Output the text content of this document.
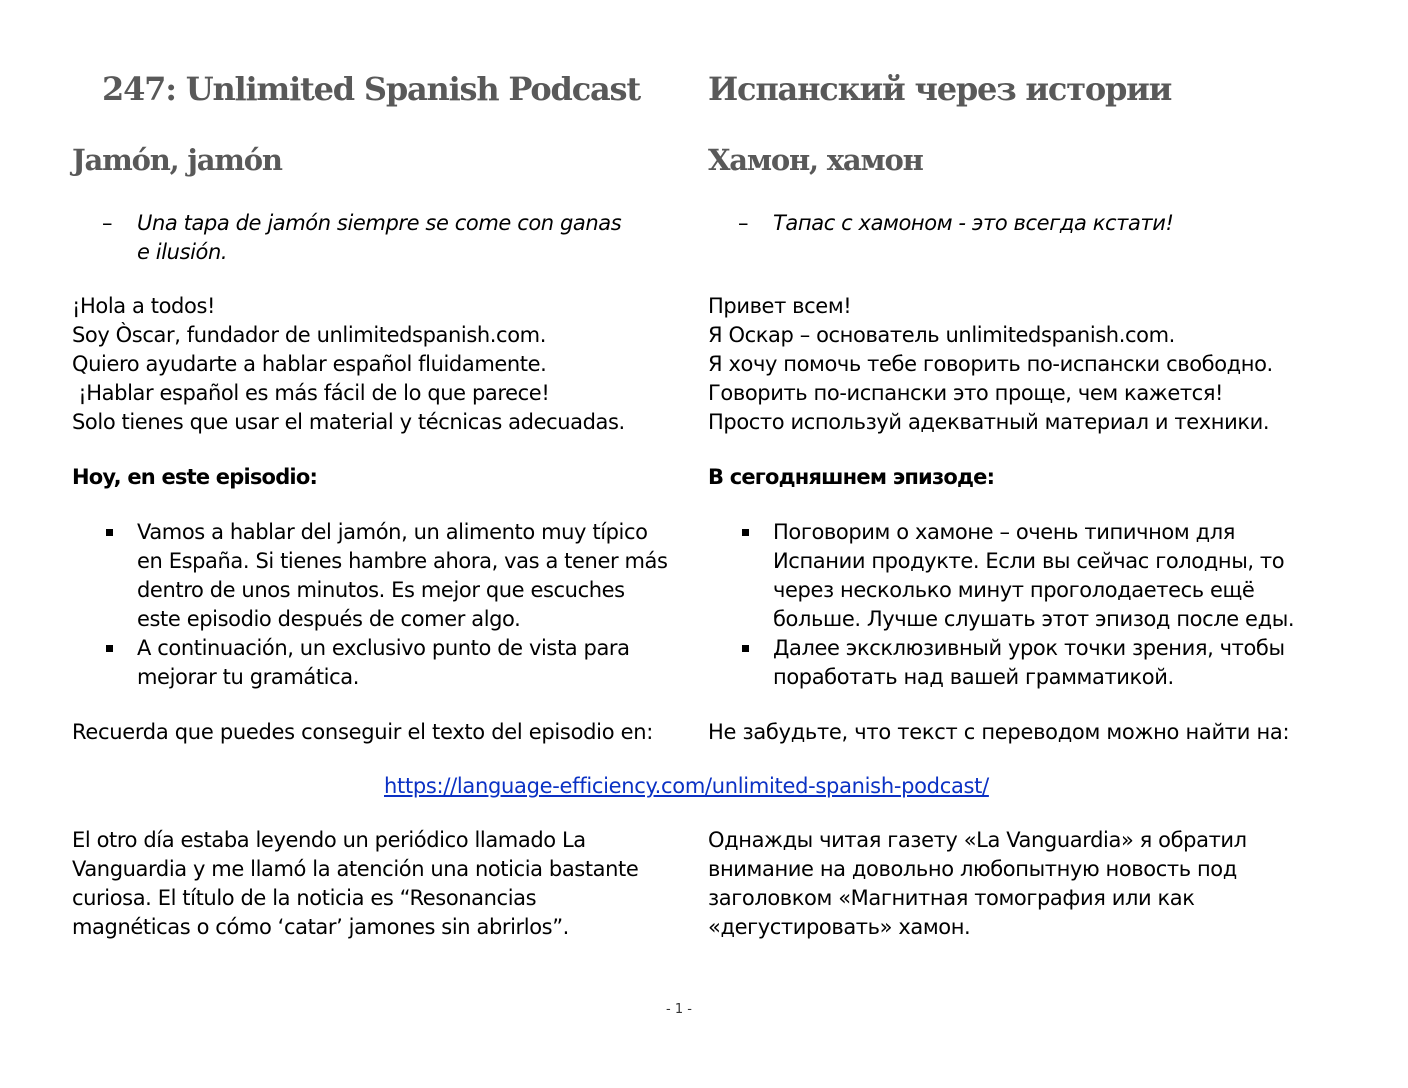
247: Unlimited Spanish Podcast
Jamón, jamón
– Una tapa de jamón siempre se come con ganas
e ilusión.
¡Hola a todos!
Soy Òscar, fundador de unlimitedspanish.com.
Quiero ayudarte a hablar español fluidamente.
¡Hablar español es más fácil de lo que parece!
Solo tienes que usar el material y técnicas adecuadas.
Hoy, en este episodio:
Vamos a hablar del jamón, un alimento muy típico
en España. Si tienes hambre ahora, vas a tener más
dentro de unos minutos. Es mejor que escuches
este episodio después de comer algo.
A continuación, un exclusivo punto de vista para
mejorar tu gramática.
Recuerda que puedes conseguir el texto del episodio en:
El otro día estaba leyendo un periódico llamado La
Vanguardia y me llamó la atención una noticia bastante
curiosa. El título de la noticia es “Resonancias
magnéticas o cómo ‘catar’ jamones sin abrirlos”.
Испанский через истории
Хамон, хамон
– Тапас с хамоном - это всегда кстати!
Привет всем!
Я Оскар – основатель unlimitedspanish.com.
Я хочу помочь тебе говорить по-испански свободно.
Говорить по-испански это проще, чем кажется!
Просто используй адекватный материал и техники.
В сегодняшнем эпизоде:
Поговорим о хамоне – очень типичном для
Испании продукте. Если вы сейчас голодны, то
через несколько минут проголодаетесь ещё
больше. Лучше слушать этот эпизод после еды.
Далее эксклюзивный урок точки зрения, чтобы
поработать над вашей грамматикой.
Не забудьте, что текст с переводом можно найти на:
Однажды читая газету «La Vanguardia» я обратил
внимание на довольно любопытную новость под
заголовком «Магнитная томография или как
«дегустировать» хамон.
https://language-efficiency.com/unlimited-spanish-podcast/
- 1 -
